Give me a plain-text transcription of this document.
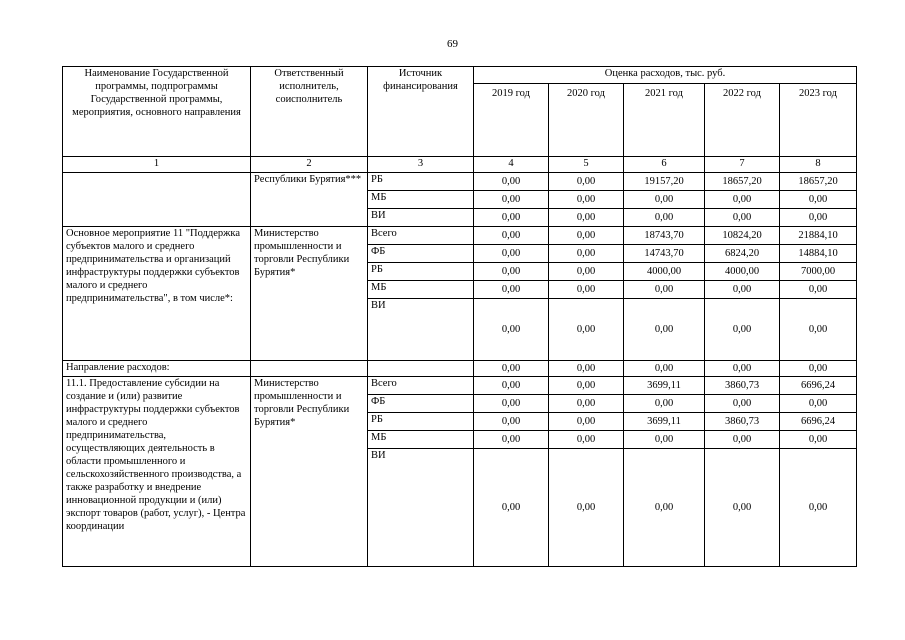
69
Наименование Государственной программы, подпрограммы Государственной программы, мероприятия, основного направления	Ответственный исполнитель, соисполнитель	Источник финансирования	Оценка расходов, тыс. руб.				
			2019 год	2020 год	2021 год	2022 год	2023 год
1	2	3	4	5	6	7	8
	Республики Бурятия***	РБ	0,00	0,00	19157,20	18657,20	18657,20
		МБ	0,00	0,00	0,00	0,00	0,00
		ВИ	0,00	0,00	0,00	0,00	0,00
Основное мероприятие 11 "Поддержка субъектов малого и среднего предпринимательства и организаций инфраструктуры поддержки субъектов малого и среднего предпринимательства", в том числе*:	Министерство промышленности и торговли Республики Бурятия*	Всего	0,00	0,00	18743,70	10824,20	21884,10
		ФБ	0,00	0,00	14743,70	6824,20	14884,10
		РБ	0,00	0,00	4000,00	4000,00	7000,00
		МБ	0,00	0,00	0,00	0,00	0,00
		ВИ	0,00	0,00	0,00	0,00	0,00
Направление расходов:			0,00	0,00	0,00	0,00	0,00
11.1. Предоставление субсидии на создание и (или) развитие инфраструктуры поддержки субъектов малого и среднего предпринимательства, осуществляющих деятельность в области промышленного и сельскохозяйственного производства, а также разработку и внедрение инновационной продукции и (или) экспорт товаров (работ, услуг), - Центра координации	Министерство промышленности и торговли Республики Бурятия*	Всего	0,00	0,00	3699,11	3860,73	6696,24
		ФБ	0,00	0,00	0,00	0,00	0,00
		РБ	0,00	0,00	3699,11	3860,73	6696,24
		МБ	0,00	0,00	0,00	0,00	0,00
		ВИ	0,00	0,00	0,00	0,00	0,00
